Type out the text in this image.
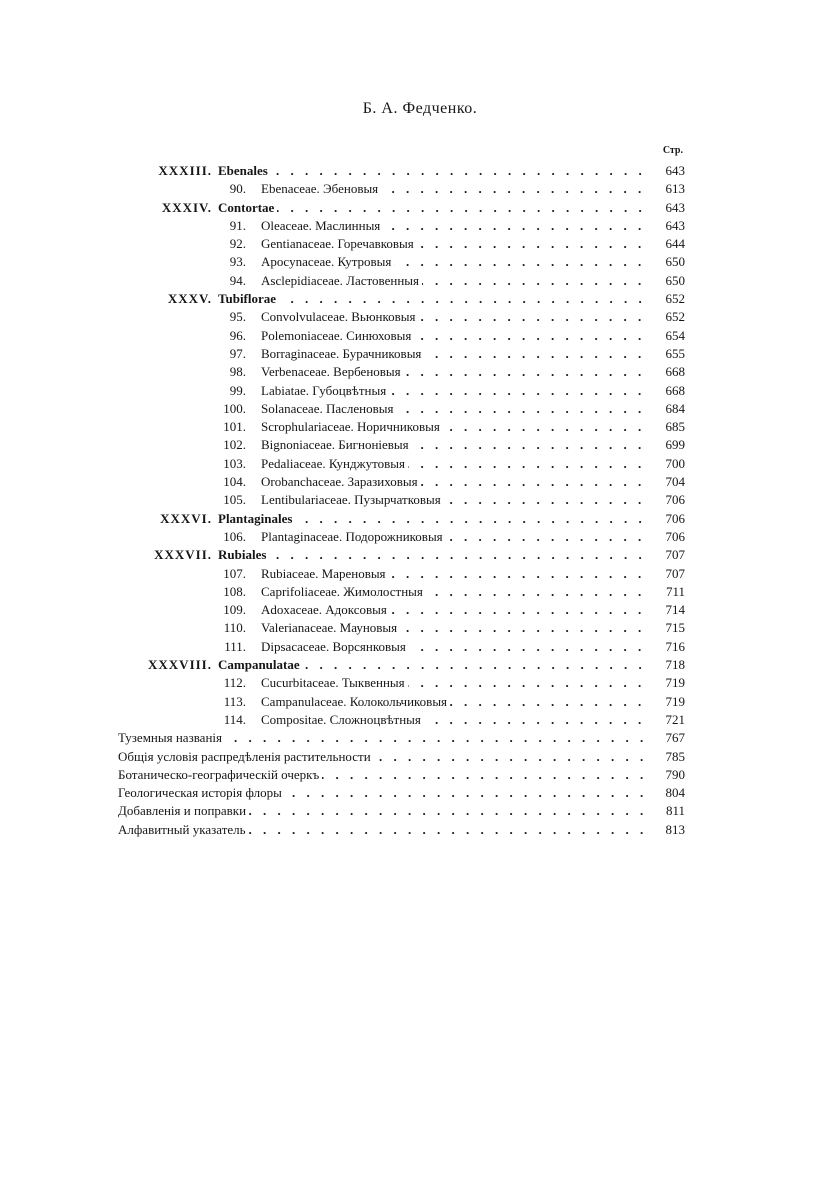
Б. А. Федченко.
Стр.
XXXIII. Ebenales . . .	643
90. Ebenaceae. Эбеновыя . . .	613
XXXIV. Contortae . . .	643
91. Oleaceae. Маслинныя . . .	643
92. Gentianaceae. Горечавковыя . . .	644
93. Apocynaceae. Кутровыя . . .	650
94. Asclepidiaceae. Ластовенныя . . .	650
XXXV. Tubiflorae . . .	652
95. Convolvulaceae. Вьюнковыя . . .	652
96. Polemoniaceae. Синюховыя . . .	654
97. Borraginaceae. Бурачниковыя . . .	655
98. Verbenaceae. Вербеновыя . . .	668
99. Labiatae. Губоцвѣтныя . . .	668
100. Solanaceae. Пасленовыя . . .	684
101. Scrophulariaceae. Норичниковыя . . .	685
102. Bignoniaceae. Бигноніевыя . . .	699
103. Pedaliaceae. Кунджутовыя . . .	700
104. Orobanchaceae. Заразиховыя . . .	704
105. Lentibulariaceae. Пузырчатковыя . . .	706
XXXVI. Plantaginales . . .	706
106. Plantaginaceae. Подорожниковыя . . .	706
XXXVII. Rubiales . . .	707
107. Rubiaceae. Мареновыя . . .	707
108. Caprifoliaceae. Жимолостныя . . .	711
109. Adoxaceae. Адоксовыя . . .	714
110. Valerianaceae. Мауновыя . . .	715
111. Dipsacaceae. Ворсянковыя . . .	716
XXXVIII. Campanulatae . . .	718
112. Cucurbitaceae. Тыквенныя . . .	719
113. Campanulaceae. Колокольчиковыя . . .	719
114. Compositae. Сложноцвѣтныя . . .	721
Туземныя названія . . .	767
Общія условія распредѣленія растительности . . .	785
Ботаническо-географическій очеркъ . . .	790
Геологическая исторія флоры . . .	804
Добавленія и поправки . . .	811
Алфавитный указатель . . .	813
